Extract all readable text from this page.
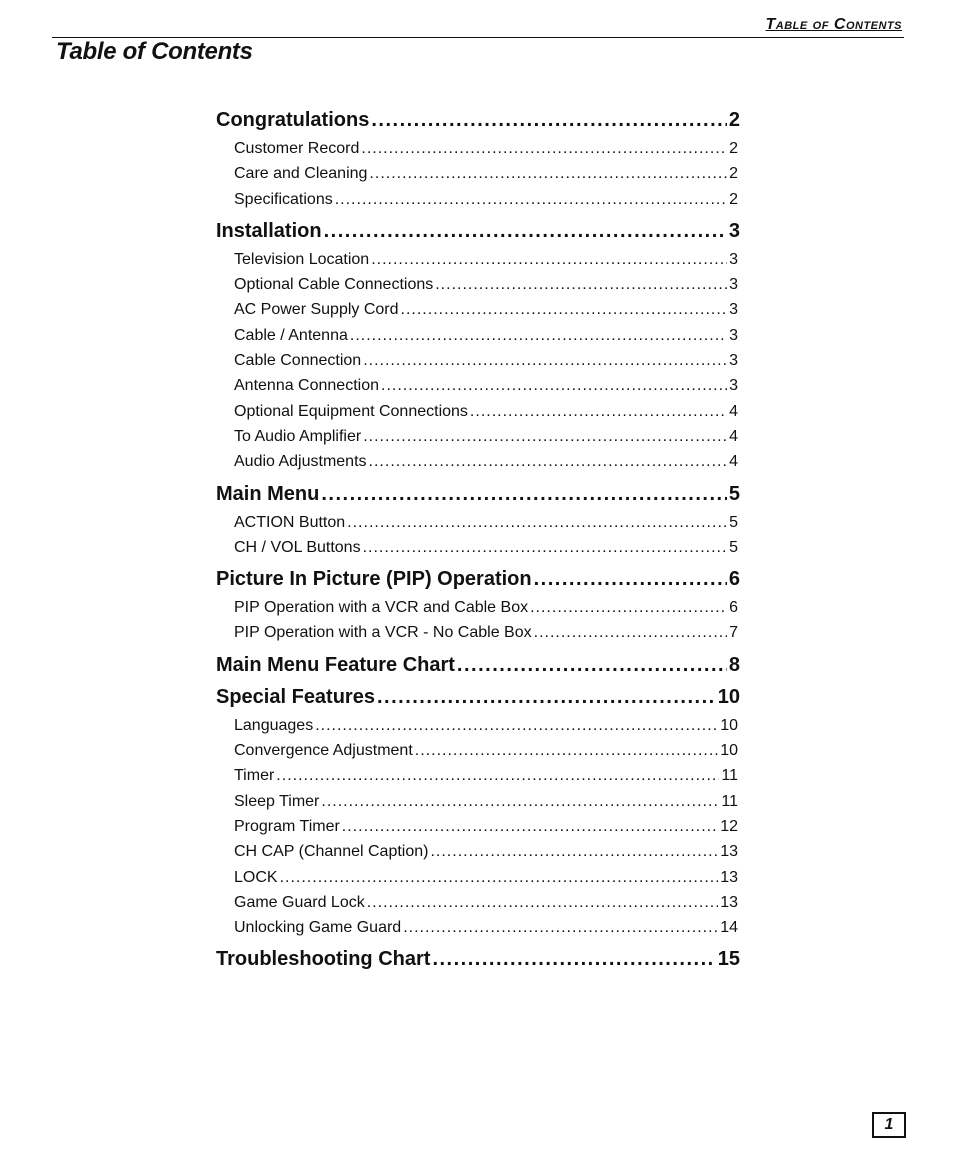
Table of Contents
Table of Contents
Congratulations .....	2
Customer Record .....	2
Care and Cleaning .....	2
Specifications .....	2
Installation .....	3
Television Location .....	3
Optional Cable Connections .....	3
AC Power Supply Cord .....	3
Cable / Antenna .....	3
Cable Connection .....	3
Antenna Connection .....	3
Optional Equipment Connections .....	4
To Audio Amplifier .....	4
Audio Adjustments .....	4
Main Menu .....	5
ACTION Button .....	5
CH / VOL Buttons .....	5
Picture In Picture (PIP) Operation .....	6
PIP Operation with a VCR and Cable Box .....	6
PIP Operation with a VCR - No Cable Box .....	7
Main Menu Feature Chart .....	8
Special Features .....	10
Languages .....	10
Convergence Adjustment .....	10
Timer .....	11
Sleep Timer .....	11
Program Timer .....	12
CH CAP (Channel Caption) .....	13
LOCK .....	13
Game Guard Lock .....	13
Unlocking Game Guard .....	14
Troubleshooting Chart .....	15
1
